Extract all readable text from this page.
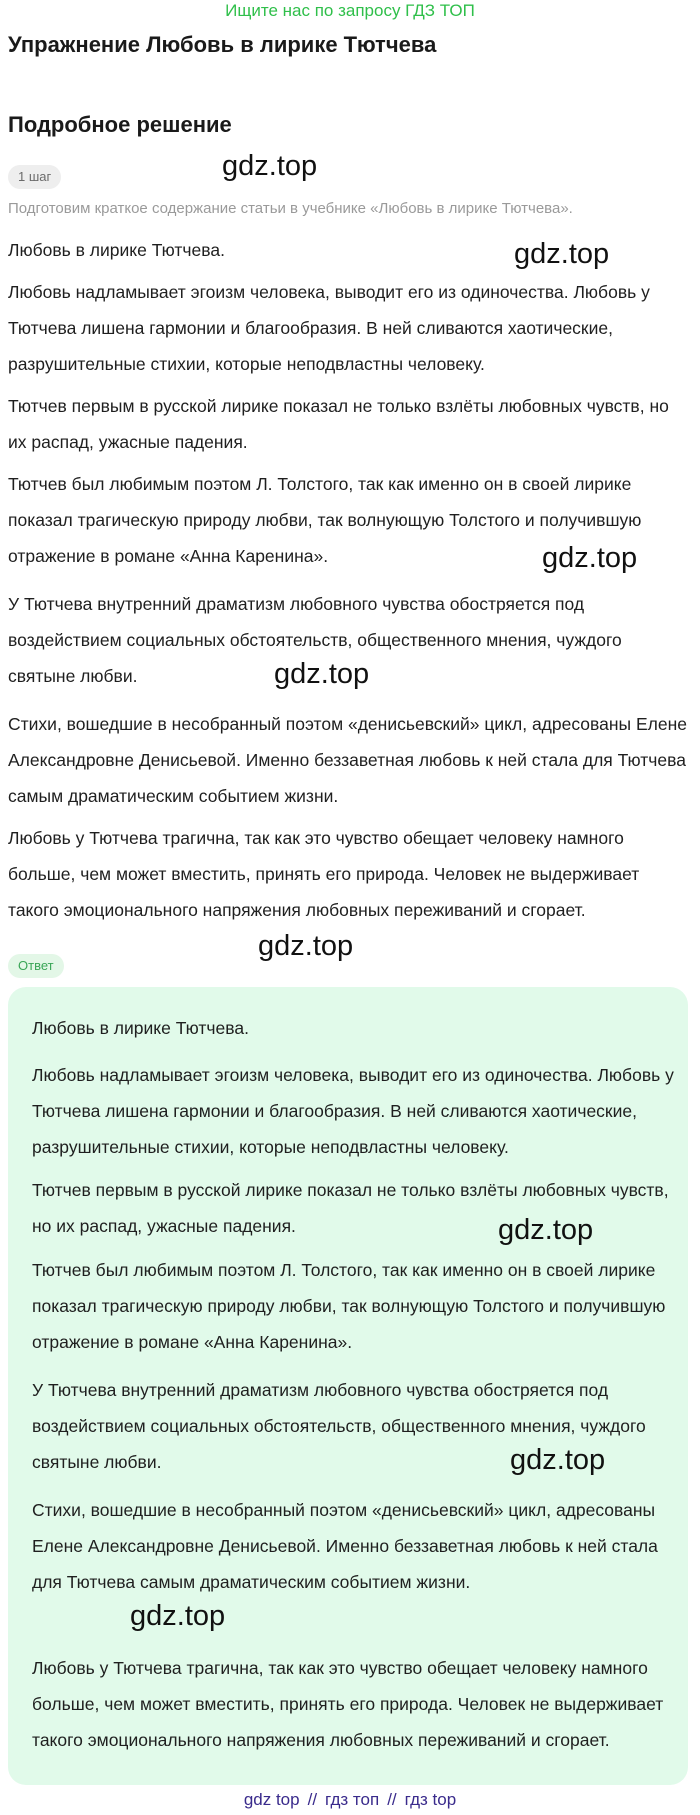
Ищите нас по запросу ГДЗ ТОП
Упражнение Любовь в лирике Тютчева
Подробное решение
1 шаг
Подготовим краткое содержание статьи в учебнике «Любовь в лирике Тютчева».

Любовь в лирике Тютчева.

Любовь надламывает эгоизм человека, выводит его из одиночества. Любовь у Тютчева лишена гармонии и благообразия. В ней сливаются хаотические, разрушительные стихии, которые неподвластны человеку.

Тютчев первым в русской лирике показал не только взлёты любовных чувств, но их распад, ужасные падения.

Тютчев был любимым поэтом Л. Толстого, так как именно он в своей лирике показал трагическую природу любви, так волнующую Толстого и получившую отражение в романе «Анна Каренина».

У Тютчева внутренний драматизм любовного чувства обостряется под воздействием социальных обстоятельств, общественного мнения, чуждого святыне любви.

Стихи, вошедшие в несобранный поэтом «денисьевский» цикл, адресованы Елене Александровне Денисьевой. Именно беззаветная любовь к ней стала для Тютчева самым драматическим событием жизни.

Любовь у Тютчева трагична, так как это чувство обещает человеку намного больше, чем может вместить, принять его природа. Человек не выдерживает такого эмоционального напряжения любовных переживаний и сгорает.

Ответ

Любовь в лирике Тютчева.

Любовь надламывает эгоизм человека, выводит его из одиночества. Любовь у Тютчева лишена гармонии и благообразия. В ней сливаются хаотические, разрушительные стихии, которые неподвластны человеку.

Тютчев первым в русской лирике показал не только взлёты любовных чувств, но их распад, ужасные падения.

Тютчев был любимым поэтом Л. Толстого, так как именно он в своей лирике показал трагическую природу любви, так волнующую Толстого и получившую отражение в романе «Анна Каренина».

У Тютчева внутренний драматизм любовного чувства обостряется под воздействием социальных обстоятельств, общественного мнения, чуждого святыне любви.

Стихи, вошедшие в несобранный поэтом «денисьевский» цикл, адресованы Елене Александровне Денисьевой. Именно беззаветная любовь к ней стала для Тютчева самым драматическим событием жизни.

Любовь у Тютчева трагична, так как это чувство обещает человеку намного больше, чем может вместить, принять его природа. Человек не выдерживает такого эмоционального напряжения любовных переживаний и сгорает.

gdz.top
gdz.top
gdz.top
gdz.top
gdz.top
gdz.top
gdz.top
gdz.top
gdz top // гдз топ // гдз top
